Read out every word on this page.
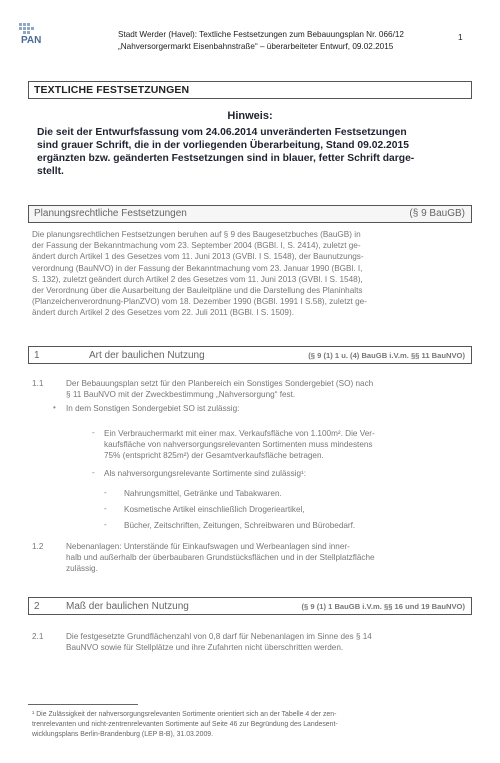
PAN
Stadt Werder (Havel): Textliche Festsetzungen zum Bebauungsplan Nr. 066/12
„Nahversorgermarkt Eisenbahnstraße“ – überarbeiteter Entwurf, 09.02.2015
1
TEXTLICHE FESTSETZUNGEN
Hinweis:
Die seit der Entwurfsfassung vom 24.06.2014 unveränderten Festsetzungen
sind grauer Schrift, die in der vorliegenden Überarbeitung, Stand 09.02.2015
ergänzten bzw. geänderten Festsetzungen sind in blauer, fetter Schrift darge-
stellt.
Planungsrechtliche Festsetzungen	(§ 9 BauGB)
Die planungsrechtlichen Festsetzungen beruhen auf § 9 des Baugesetzbuches (BauGB) in
der Fassung der Bekanntmachung vom 23. September 2004 (BGBl. I, S. 2414), zuletzt ge-
ändert durch Artikel 1 des Gesetzes vom 11. Juni 2013 (GVBl. I S. 1548), der Baunutzungs-
verordnung (BauNVO) in der Fassung der Bekanntmachung vom 23. Januar 1990 (BGBl. I,
S. 132), zuletzt geändert durch Artikel 2 des Gesetzes vom 11. Juni 2013 (GVBl. I S. 1548),
der Verordnung über die Ausarbeitung der Bauleitpläne und die Darstellung des Planinhalts
(Planzeichenverordnung-PlanZVO) vom 18. Dezember 1990 (BGBl. 1991 I S.58), zuletzt ge-
ändert durch Artikel 2 des Gesetzes vom 22. Juli 2011 (BGBl. I S. 1509).
1	Art der baulichen Nutzung	(§ 9 (1) 1 u. (4) BauGB i.V.m. §§ 11 BauNVO)
1.1	Der Bebauungsplan setzt für den Planbereich ein Sonstiges Sondergebiet (SO) nach
§ 11 BauNVO mit der Zweckbestimmung „Nahversorgung“ fest.
• In dem Sonstigen Sondergebiet SO ist zulässig:
- Ein Verbrauchermarkt mit einer max. Verkaufsfläche von 1.100m². Die Ver-
kaufsfläche von nahversorgungsrelevanten Sortimenten muss mindestens
75% (entspricht 825m²) der Gesamtverkaufsfläche betragen.
- Als nahversorgungsrelevante Sortimente sind zulässig¹:
- Nahrungsmittel, Getränke und Tabakwaren.
- Kosmetische Artikel einschließlich Drogerieartikel,
- Bücher, Zeitschriften, Zeitungen, Schreibwaren und Bürobedarf.
1.2	Nebenanlagen: Unterstände für Einkaufswagen und Werbeanlagen sind inner-
halb und außerhalb der überbaubaren Grundstücksflächen und in der Stellplatzfläche
zulässig.
2	Maß der baulichen Nutzung	(§ 9 (1) 1 BauGB i.V.m. §§ 16 und 19 BauNVO)
2.1	Die festgesetzte Grundflächenzahl von 0,8 darf für Nebenanlagen im Sinne des § 14
BauNVO sowie für Stellplätze und ihre Zufahrten nicht überschritten werden.
¹ Die Zulässigkeit der nahversorgungsrelevanten Sortimente orientiert sich an der Tabelle 4 der zen-
trenrelevanten und nicht-zentrenrelevanten Sortimente auf Seite 46 zur Begründung des Landesent-
wicklungsplans Berlin-Brandenburg (LEP B-B), 31.03.2009.
